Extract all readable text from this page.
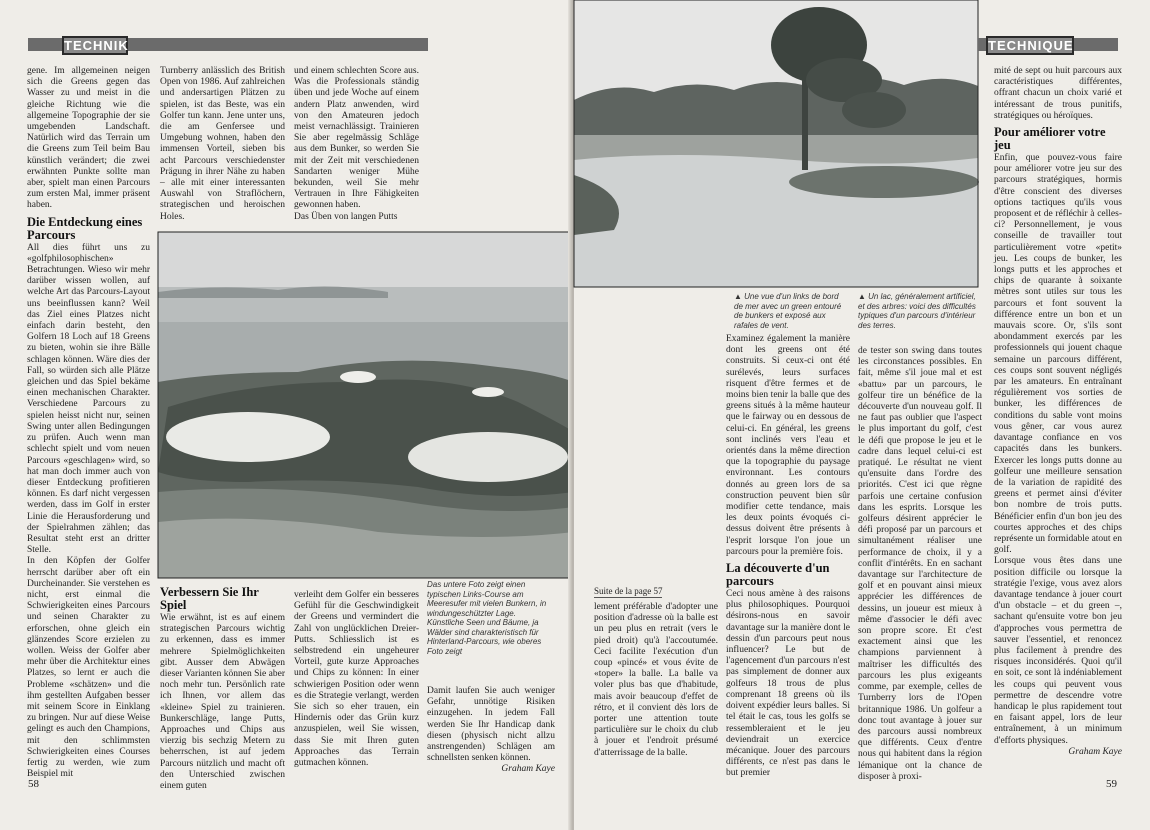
TECHNIK

gene. Im allgemeinen neigen sich die Greens gegen das Wasser zu und meist in die gleiche Richtung wie die allgemeine Topographie der sie umgebenden Landschaft. Natürlich wird das Terrain um die Greens zum Teil beim Bau künstlich verändert; die zwei erwähnten Punkte sollte man aber, spielt man einen Parcours zum ersten Mal, immer präsent haben.

Die Entdeckung eines Parcours

All dies führt uns zu «golfphilosophischen» Betrachtungen. Wieso wir mehr darüber wissen wollen, auf welche Art das Parcours-Layout uns beeinflussen kann? Weil das Ziel eines Platzes nicht einfach darin besteht, den Golfern 18 Loch auf 18 Greens zu bieten, wohin sie ihre Bälle schlagen können. Wäre dies der Fall, so würden sich alle Plätze gleichen und das Spiel bekäme einen mechanischen Charakter. Verschiedene Parcours zu spielen heisst nicht nur, seinen Swing unter allen Bedingungen zu prüfen. Auch wenn man schlecht spielt und vom neuen Parcours «geschlagen» wird, so hat man doch immer auch von dieser Entdeckung profitieren können. Es darf nicht vergessen werden, dass im Golf in erster Linie die Herausforderung und der Spielrahmen zählen; das Resultat steht erst an dritter Stelle.

In den Köpfen der Golfer herrscht darüber aber oft ein Durcheinander. Sie verstehen es nicht, erst einmal die Schwierigkeiten eines Parcours und seinen Charakter zu erforschen, ohne gleich ein glänzendes Score erzielen zu wollen. Weiss der Golfer aber mehr über die Architektur eines Platzes, so lernt er auch die Probleme «schätzen» und die ihm gestellten Aufgaben besser mit seinem Score in Einklang zu bringen. Nur auf diese Weise gelingt es auch den Champions, mit den schlimmsten Schwierigkeiten eines Courses fertig zu werden, wie zum Beispiel mit

Turnberry anlässlich des British Open von 1986. Auf zahlreichen und andersartigen Plätzen zu spielen, ist das Beste, was ein Golfer tun kann. Jene unter uns, die am Genfersee und Umgebung wohnen, haben den immensen Vorteil, sieben bis acht Parcours verschiedenster Prägung in ihrer Nähe zu haben – alle mit einer interessanten Auswahl von Straflöchern, strategischen und heroischen Holes.

und einem schlechten Score aus. Was die Professionals ständig üben und jede Woche auf einem andern Platz anwenden, wird von den Amateuren jedoch meist vernachlässigt. Trainieren Sie aber regelmässig Schläge aus dem Bunker, so werden Sie mit der Zeit mit verschiedenen Sandarten weniger Mühe bekunden, weil Sie mehr Vertrauen in Ihre Fähigkeiten gewonnen haben.

Das Üben von langen Putts

Verbessern Sie Ihr Spiel

Wie erwähnt, ist es auf einem strategischen Parcours wichtig zu erkennen, dass es immer mehrere Spielmöglichkeiten gibt. Ausser dem Abwägen dieser Varianten können Sie aber noch mehr tun. Persönlich rate ich Ihnen, vor allem das «kleine» Spiel zu trainieren. Bunkerschläge, lange Putts, Approaches und Chips aus vierzig bis sechzig Metern zu beherrschen, ist auf jedem Parcours nützlich und macht oft den Unterschied zwischen einem guten

verleiht dem Golfer ein besseres Gefühl für die Geschwindigkeit der Greens und vermindert die Zahl von unglücklichen Dreier-Putts. Schliesslich ist es selbstredend ein ungeheurer Vorteil, gute kurze Approaches und Chips zu können: In einer schwierigen Position oder wenn es die Strategie verlangt, werden Sie sich so eher trauen, ein Hindernis oder das Grün kurz anzuspielen, weil Sie wissen, dass Sie mit Ihren guten Approaches das Terrain gutmachen können.

Das untere Foto zeigt einen typischen Links-Course am Meeresufer mit vielen Bunkern, in windungeschützter Lage. Künstliche Seen und Bäume, ja Wälder sind charakteristisch für Hinterland-Parcours, wie oberes Foto zeigt

Damit laufen Sie auch weniger Gefahr, unnötige Risiken einzugehen. In jedem Fall werden Sie Ihr Handicap dank diesen (physisch nicht allzu anstrengenden) Schlägen am schnellsten senken können.

Graham Kaye

58
TECHNIQUE
▲ Une vue d'un links de bord de mer avec un green entouré de bunkers et exposé aux rafales de vent.
▲ Un lac, généralement artificiel, et des arbres: voici des difficultés typiques d'un parcours d'intérieur des terres.

Examinez également la manière dont les greens ont été construits. Si ceux-ci ont été surélevés, leurs surfaces risquent d'être fermes et de moins bien tenir la balle que des greens situés à la même hauteur que le fairway ou en dessous de celui-ci. En général, les greens sont inclinés vers l'eau et orientés dans la même direction que la topographie du paysage environnant. Les contours donnés au green lors de sa construction peuvent bien sûr modifier cette tendance, mais les deux points évoqués ci-dessus doivent être présents à l'esprit lorsque l'on joue un parcours pour la première fois.

La découverte d'un parcours

Ceci nous amène à des raisons plus philosophiques. Pourquoi désirons-nous en savoir davantage sur la manière dont le dessin d'un parcours peut nous influencer? Le but de l'agencement d'un parcours n'est pas simplement de donner aux golfeurs 18 trous de plus comprenant 18 greens où ils doivent expédier leurs balles. Si tel était le cas, tous les golfs se ressembleraient et le jeu deviendrait un exercice mécanique. Jouer des parcours différents, ce n'est pas dans le but premier

de tester son swing dans toutes les circonstances possibles. En fait, même s'il joue mal et est «battu» par un parcours, le golfeur tire un bénéfice de la découverte d'un nouveau golf. Il ne faut pas oublier que l'aspect le plus important du golf, c'est le défi que propose le jeu et le cadre dans lequel celui-ci est pratiqué. Le résultat ne vient qu'ensuite dans l'ordre des priorités. C'est ici que règne parfois une certaine confusion dans les esprits. Lorsque les golfeurs désirent apprécier le défi proposé par un parcours et simultanément réaliser une performance de choix, il y a conflit d'intérêts. En en sachant davantage sur l'architecture de golf et en pouvant ainsi mieux apprécier les différences de dessins, un joueur est mieux à même d'associer le défi avec son propre score. Et c'est exactement ainsi que les champions parviennent à maîtriser les difficultés des parcours les plus exigeants comme, par exemple, celles de Turnberry lors de l'Open britannique 1986. Un golfeur a donc tout avantage à jouer sur des parcours aussi nombreux que différents. Ceux d'entre nous qui habitent dans la région lémanique ont la chance de disposer à proxi-

Suite de la page 57

lement préférable d'adopter une position d'adresse où la balle est un peu plus en retrait (vers le pied droit) qu'à l'accoutumée. Ceci facilite l'exécution d'un coup «pincé» et vous évite de «toper» la balle. La balle va voler plus bas que d'habitude, mais avoir beaucoup d'effet de rétro, et il convient dès lors de porter une attention toute particulière sur le choix du club à jouer et l'endroit présumé d'atterrissage de la balle.

mité de sept ou huit parcours aux caractéristiques différentes, offrant chacun un choix varié et intéressant de trous punitifs, stratégiques ou héroïques.

Pour améliorer votre jeu

Enfin, que pouvez-vous faire pour améliorer votre jeu sur des parcours stratégiques, hormis d'être conscient des diverses options tactiques qu'ils vous proposent et de réfléchir à celles-ci? Personnellement, je vous conseille de travailler tout particulièrement votre «petit» jeu. Les coups de bunker, les longs putts et les approches et chips de quarante à soixante mètres sont utiles sur tous les parcours et font souvent la différence entre un bon et un mauvais score. Or, s'ils sont abondamment exercés par les professionnels qui jouent chaque semaine un parcours différent, ces coups sont souvent négligés par les amateurs. En entraînant régulièrement vos sorties de bunker, les différences de conditions du sable vont moins vous gêner, car vous aurez davantage confiance en vos capacités dans les bunkers. Exercer les longs putts donne au golfeur une meilleure sensation de la variation de rapidité des greens et permet ainsi d'éviter bon nombre de trois putts. Bénéficier enfin d'un bon jeu des courtes approches et des chips représente un formidable atout en golf.

Lorsque vous êtes dans une position difficile ou lorsque la stratégie l'exige, vous avez alors davantage tendance à jouer court d'un obstacle – et du green –, sachant qu'ensuite votre bon jeu d'approches vous permettra de sauver l'essentiel, et renoncez plus facilement à prendre des risques inconsidérés. Quoi qu'il en soit, ce sont là indéniablement les coups qui peuvent vous permettre de descendre votre handicap le plus rapidement tout en faisant appel, lors de leur entraînement, à un minimum d'efforts physiques.

Graham Kaye

59
